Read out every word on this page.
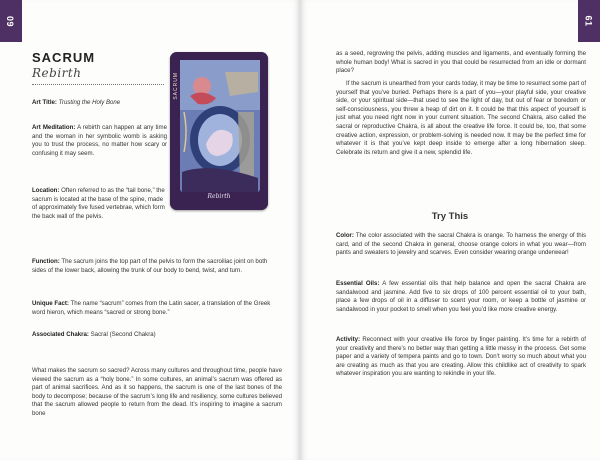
60
SACRUM
Rebirth

Art Title: Trusting the Holy Bone

Art Meditation: A rebirth can happen at any time and the woman in her symbolic womb is asking you to trust the process, no matter how scary or confusing it may seem.

Location: Often referred to as the “tail bone,” the sacrum is located at the base of the spine, made of approximately five fused vertebrae, which form the back wall of the pelvis.

Function: The sacrum joins the top part of the pelvis to form the sacroiliac joint on both sides of the lower back, allowing the trunk of our body to bend, twist, and turn.

Unique Fact: The name “sacrum” comes from the Latin sacer, a translation of the Greek word hieron, which means “sacred or strong bone.”

Associated Chakra: Sacral (Second Chakra)

What makes the sacrum so sacred? Across many cultures and throughout time, people have viewed the sacrum as a “holy bone.” In some cultures, an animal’s sacrum was offered as part of animal sacrifices. And as it so happens, the sacrum is one of the last bones of the body to decompose; because of the sacrum’s long life and resiliency, some cultures believed that the sacrum allowed people to return from the dead. It’s inspiring to imagine a sacrum bone

SACRUM
Rebirth
61

as a seed, regrowing the pelvis, adding muscles and ligaments, and eventually forming the whole human body! What is sacred in you that could be resurrected from an idle or dormant place?

If the sacrum is unearthed from your cards today, it may be time to resurrect some part of yourself that you’ve buried. Perhaps there is a part of you—your playful side, your creative side, or your spiritual side—that used to see the light of day, but out of fear or boredom or self-consciousness, you threw a heap of dirt on it. It could be that this aspect of yourself is just what you need right now in your current situation. The second Chakra, also called the sacral or reproductive Chakra, is all about the creative life force. It could be, too, that some creative action, expression, or problem-solving is needed now. It may be the perfect time for whatever it is that you’ve kept deep inside to emerge after a long hibernation sleep. Celebrate its return and give it a new, splendid life.

Color: The color associated with the sacral Chakra is orange. To harness the energy of this card, and of the second Chakra in general, choose orange colors in what you wear—from pants and sweaters to jewelry and scarves. Even consider wearing orange underwear!

Essential Oils: A few essential oils that help balance and open the sacral Chakra are sandalwood and jasmine. Add five to six drops of 100 percent essential oil to your bath, place a few drops of oil in a diffuser to scent your room, or keep a bottle of jasmine or sandalwood in your pocket to smell when you feel you’d like more creative energy.

Activity: Reconnect with your creative life force by finger painting. It’s time for a rebirth of your creativity and there’s no better way than getting a little messy in the process. Get some paper and a variety of tempera paints and go to town. Don’t worry so much about what you are creating as much as that you are creating. Allow this childlike act of creativity to spark whatever inspiration you are wanting to rekindle in your life.

Try This
